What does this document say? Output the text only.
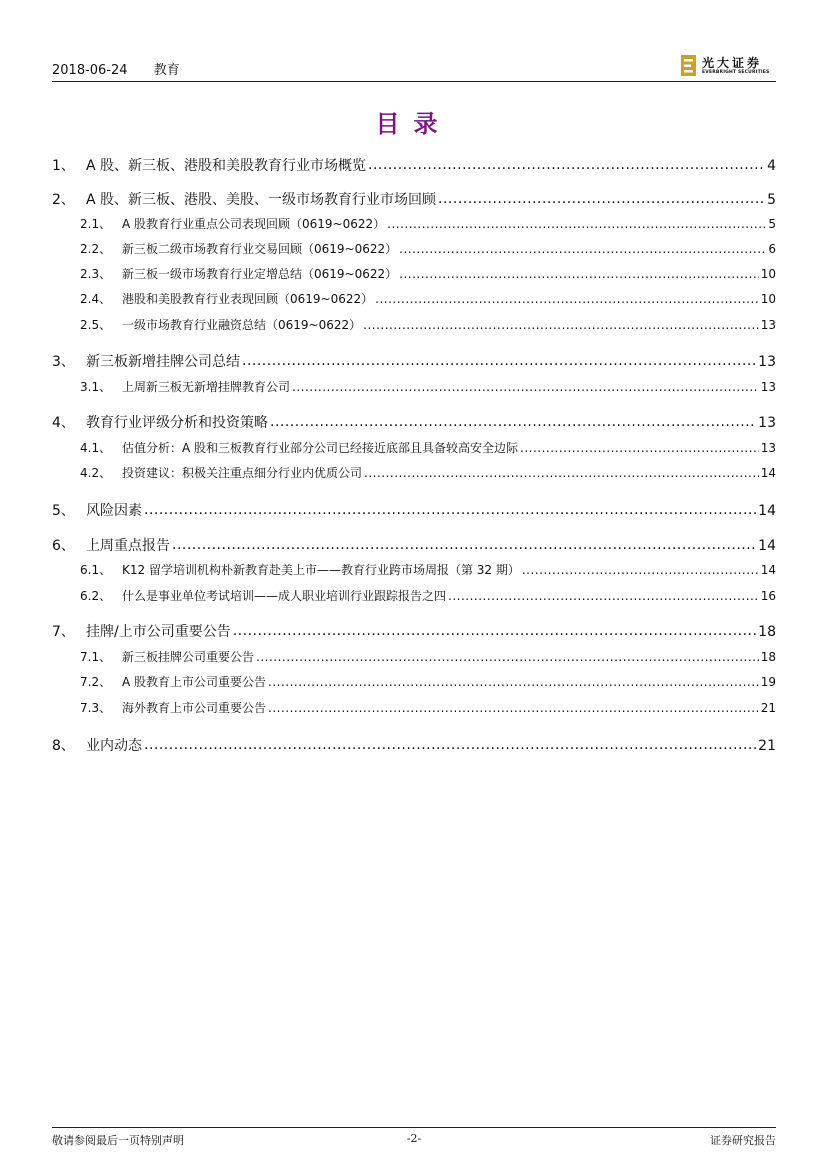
2018-06-24 教育	光大证券
EVERBRIGHT SECURITIES
目录
1、 A 股、新三板、港股和美股教育行业市场概览 .....	4
2、 A 股、新三板、港股、美股、一级市场教育行业市场回顾 .....	5
2.1、 A 股教育行业重点公司表现回顾（0619~0622） .....	5
2.2、 新三板二级市场教育行业交易回顾（0619~0622） .....	6
2.3、 新三板一级市场教育行业定增总结（0619~0622） .....	10
2.4、 港股和美股教育行业表现回顾（0619~0622） .....	10
2.5、 一级市场教育行业融资总结（0619~0622） .....	13
3、 新三板新增挂牌公司总结 .....	13
3.1、 上周新三板无新增挂牌教育公司 .....	13
4、 教育行业评级分析和投资策略 .....	13
4.1、 估值分析：A 股和三板教育行业部分公司已经接近底部且具备较高安全边际 .....	13
4.2、 投资建议：积极关注重点细分行业内优质公司 .....	14
5、 风险因素 .....	14
6、 上周重点报告 .....	14
6.1、 K12 留学培训机构朴新教育赴美上市——教育行业跨市场周报（第 32 期） .....	14
6.2、 什么是事业单位考试培训——成人职业培训行业跟踪报告之四 .....	16
7、 挂牌/上市公司重要公告 .....	18
7.1、 新三板挂牌公司重要公告 .....	18
7.2、 A 股教育上市公司重要公告 .....	19
7.3、 海外教育上市公司重要公告 .....	21
8、 业内动态 .....	21
敬请参阅最后一页特别声明	-2-	证券研究报告
